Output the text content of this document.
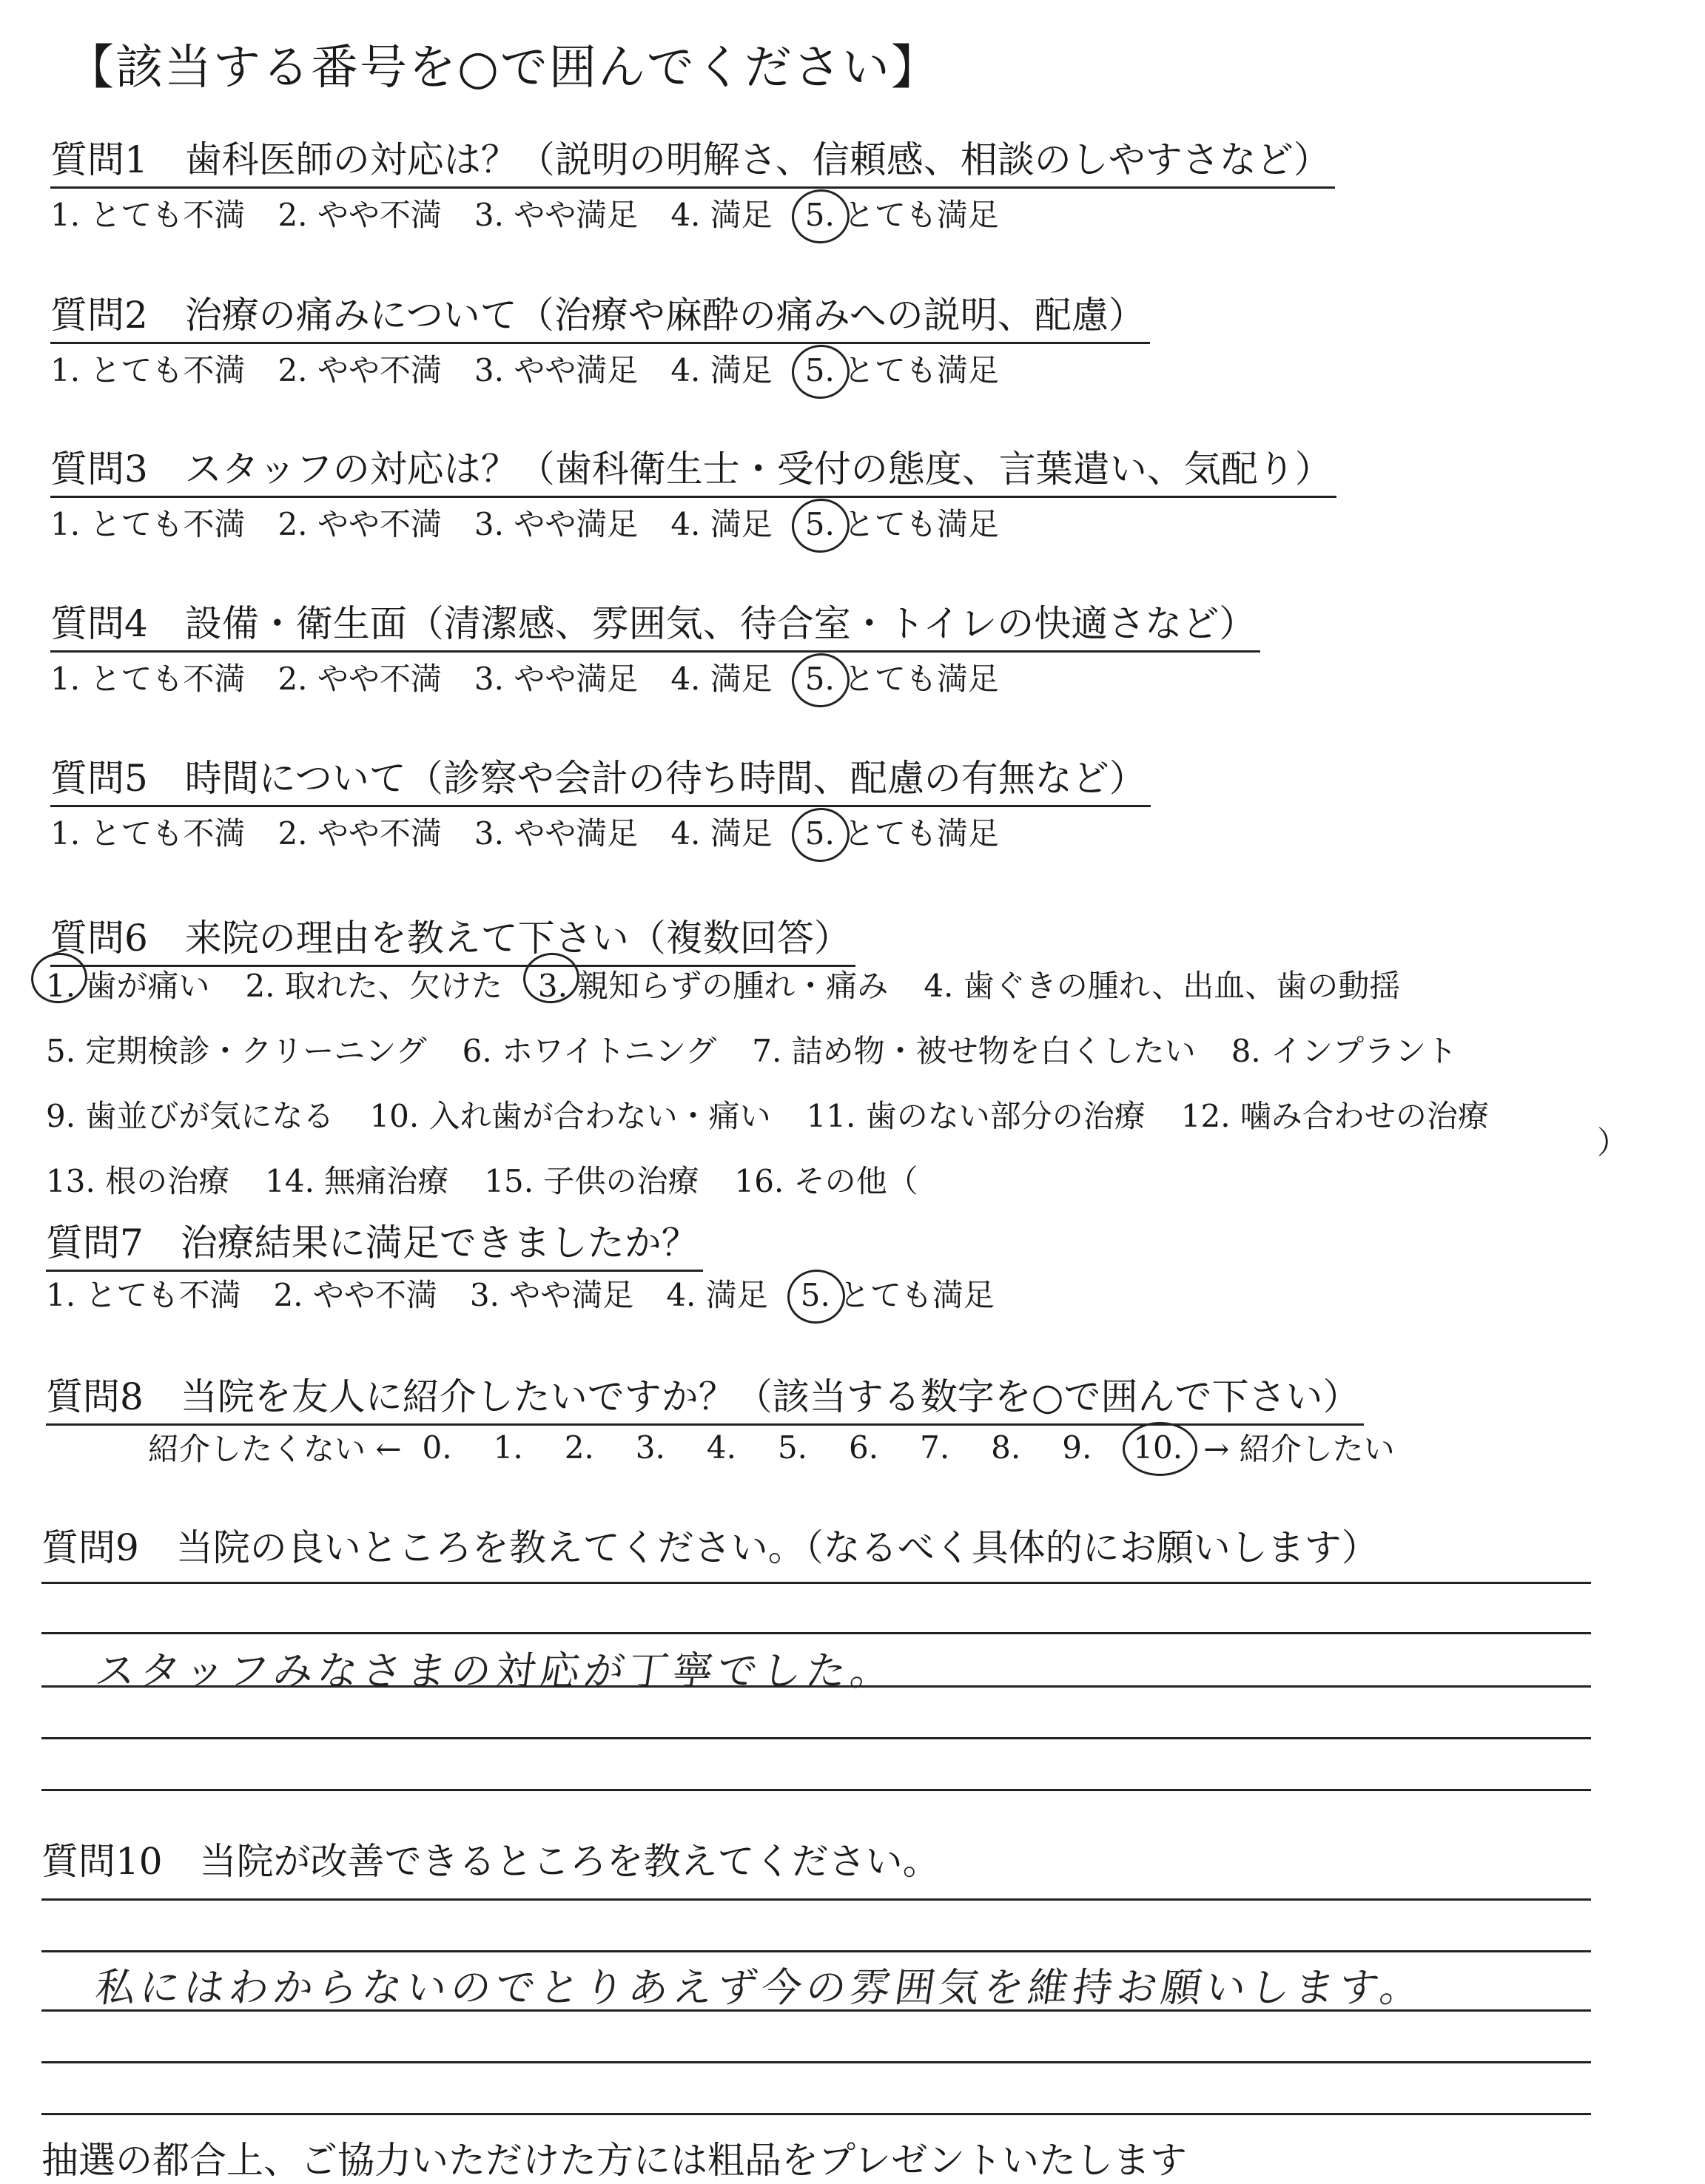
【該当する番号を○で囲んでください】
質問1　歯科医師の対応は？（説明の明解さ、信頼感、相談のしやすさなど）
1. とても不満 2. やや不満 3. やや満足 4. 満足 5. とても満足
質問2　治療の痛みについて（治療や麻酔の痛みへの説明、配慮）
1. とても不満 2. やや不満 3. やや満足 4. 満足 5. とても満足
質問3　スタッフの対応は？（歯科衛生士・受付の態度、言葉遣い、気配り）
1. とても不満 2. やや不満 3. やや満足 4. 満足 5. とても満足
質問4　設備・衛生面（清潔感、雰囲気、待合室・トイレの快適さなど）
1. とても不満 2. やや不満 3. やや満足 4. 満足 5. とても満足
質問5　時間について（診察や会計の待ち時間、配慮の有無など）
1. とても不満 2. やや不満 3. やや満足 4. 満足 5. とても満足
質問6　来院の理由を教えて下さい（複数回答）
1. 歯が痛い 2. 取れた、欠けた 3. 親知らずの腫れ・痛み 4. 歯ぐきの腫れ、出血、歯の動揺
5. 定期検診・クリーニング 6. ホワイトニング 7. 詰め物・被せ物を白くしたい 8. インプラント
9. 歯並びが気になる 10. 入れ歯が合わない・痛い 11. 歯のない部分の治療 12. 噛み合わせの治療
13. 根の治療 14. 無痛治療 15. 子供の治療 16. その他（
）
質問7　治療結果に満足できましたか？
1. とても不満 2. やや不満 3. やや満足 4. 満足 5. とても満足
質問8　当院を友人に紹介したいですか？（該当する数字を○で囲んで下さい）
紹介したくない ← 0. 1. 2. 3. 4. 5. 6. 7. 8. 9. 10. → 紹介したい
質問9　当院の良いところを教えてください。（なるべく具体的にお願いします）
スタッフみなさまの対応が丁寧でした。
質問10　当院が改善できるところを教えてください。
私にはわからないのでとりあえず今の雰囲気を維持お願いします。
抽選の都合上、ご協力いただけた方には粗品をプレゼントいたします
